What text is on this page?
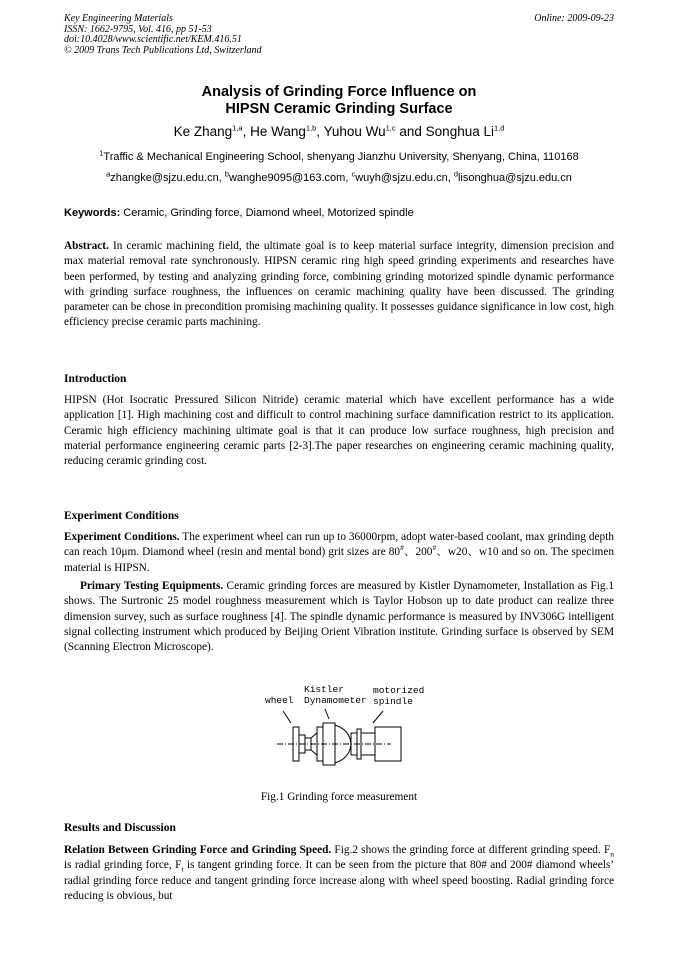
Key Engineering Materials
ISSN: 1662-9795, Vol. 416, pp 51-53
doi:10.4028/www.scientific.net/KEM.416.51
© 2009 Trans Tech Publications Ltd, Switzerland
Online: 2009-09-23
Analysis of Grinding Force Influence on
HIPSN Ceramic Grinding Surface
Ke Zhang$^{1,a}$, He Wang$^{1,b}$, Yuhou Wu$^{1,c}$ and Songhua Li$^{1,d}$
$^1$Traffic & Mechanical Engineering School, shenyang Jianzhu University, Shenyang, China, 110168
$^a$zhangke@sjzu.edu.cn, $^b$wanghe9095@163.com, $^c$wuyh@sjzu.edu.cn, $^d$lisonghua@sjzu.edu.cn
Keywords: Ceramic, Grinding force, Diamond wheel, Motorized spindle
Abstract. In ceramic machining field, the ultimate goal is to keep material surface integrity, dimension precision and max material removal rate synchronously. HIPSN ceramic ring high speed grinding experiments and researches have been performed, by testing and analyzing grinding force, combining grinding motorized spindle dynamic performance with grinding surface roughness, the influences on ceramic machining quality have been discussed. The grinding parameter can be chose in precondition promising machining quality. It possesses guidance significance in low cost, high efficiency precise ceramic parts machining.
Introduction
HIPSN (Hot Isocratic Pressured Silicon Nitride) ceramic material which have excellent performance has a wide application [1]. High machining cost and difficult to control machining surface damnification restrict to its application. Ceramic high efficiency machining ultimate goal is that it can produce low surface roughness, high precision and material performance engineering ceramic parts [2-3].The paper researches on engineering ceramic machining quality, reducing ceramic grinding cost.
Experiment Conditions
Experiment Conditions. The experiment wheel can run up to 36000rpm, adopt water-based coolant, max grinding depth can reach 10μm. Diamond wheel (resin and mental bond) grit sizes are 80#、200#、w20、w10 and so on. The specimen material is HIPSN.
Primary Testing Equipments. Ceramic grinding forces are measured by Kistler Dynamometer, Installation as Fig.1 shows. The Surtronic 25 model roughness measurement which is Taylor Hobson up to date product can realize three dimension survey, such as surface roughness [4]. The spindle dynamic performance is measured by INV306G intelligent signal collecting instrument which produced by Beijing Orient Vibration institute. Grinding surface is observed by SEM (Scanning Electron Microscope).
Kistler
Dynamometer
wheel
motorized
spindle
Fig.1 Grinding force measurement
Results and Discussion
Relation Between Grinding Force and Grinding Speed. Fig.2 shows the grinding force at different grinding speed. $F_n$ is radial grinding force, $F_t$ is tangent grinding force. It can be seen from the picture that 80# and 200# diamond wheels’ radial grinding force reduce and tangent grinding force increase along with wheel speed boosting. Radial grinding force reducing is obvious, but
